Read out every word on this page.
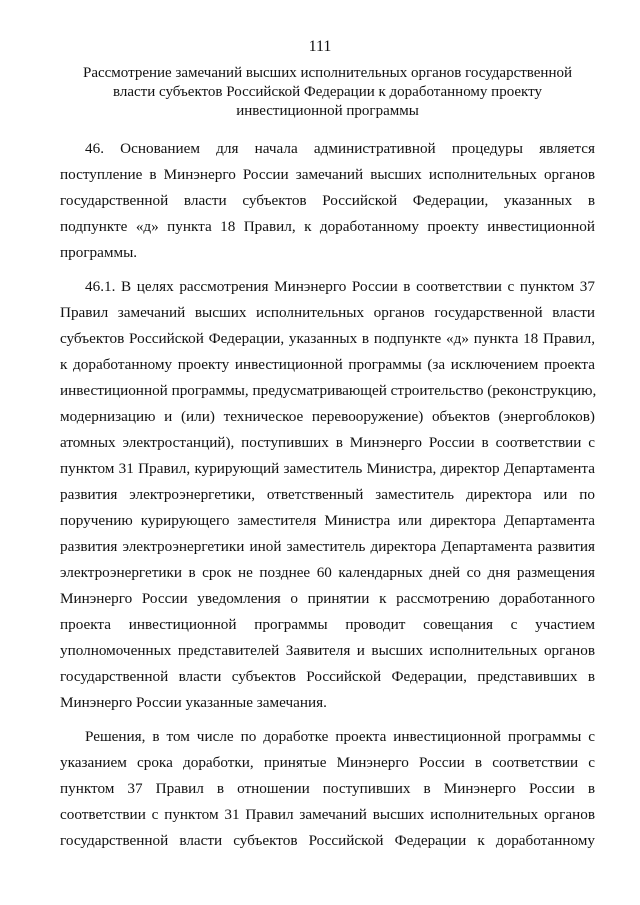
111
Рассмотрение замечаний высших исполнительных органов государственной
власти субъектов Российской Федерации к доработанному проекту
инвестиционной программы
46. Основанием для начала административной процедуры является
поступление в Минэнерго России замечаний высших исполнительных органов
государственной власти субъектов Российской Федерации, указанных в
подпункте «д» пункта 18 Правил, к доработанному проекту инвестиционной
программы.
46.1. В целях рассмотрения Минэнерго России в соответствии с пунктом 37
Правил замечаний высших исполнительных органов государственной власти
субъектов Российской Федерации, указанных в подпункте «д» пункта 18 Правил,
к доработанному проекту инвестиционной программы (за исключением проекта
инвестиционной программы, предусматривающей строительство (реконструкцию,
модернизацию и (или) техническое перевооружение) объектов (энергоблоков)
атомных электростанций), поступивших в Минэнерго России в соответствии с
пунктом 31 Правил, курирующий заместитель Министра, директор Департамента
развития электроэнергетики, ответственный заместитель директора или по
поручению курирующего заместителя Министра или директора Департамента
развития электроэнергетики иной заместитель директора Департамента развития
электроэнергетики в срок не позднее 60 календарных дней со дня размещения
Минэнерго России уведомления о принятии к рассмотрению доработанного
проекта инвестиционной программы проводит совещания с участием
уполномоченных представителей Заявителя и высших исполнительных органов
государственной власти субъектов Российской Федерации, представивших в
Минэнерго России указанные замечания.
Решения, в том числе по доработке проекта инвестиционной программы с
указанием срока доработки, принятые Минэнерго России в соответствии с
пунктом 37 Правил в отношении поступивших в Минэнерго России в
соответствии с пунктом 31 Правил замечаний высших исполнительных органов
государственной власти субъектов Российской Федерации к доработанному
